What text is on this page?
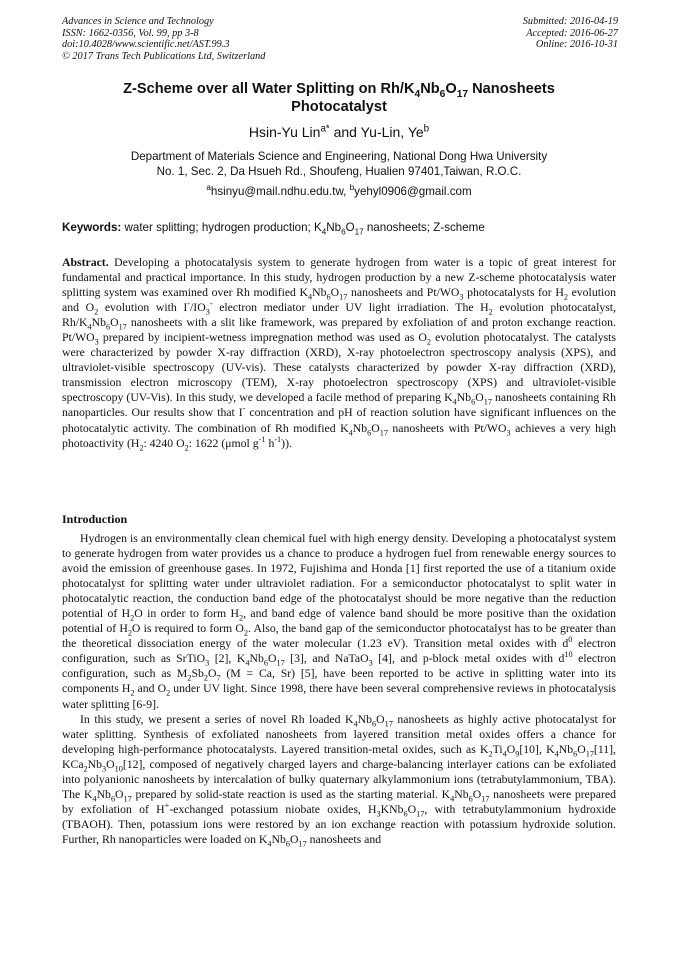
Advances in Science and Technology
ISSN: 1662-0356, Vol. 99, pp 3-8
doi:10.4028/www.scientific.net/AST.99.3
© 2017 Trans Tech Publications Ltd, Switzerland
Submitted: 2016-04-19
Accepted: 2016-06-27
Online: 2016-10-31
Z-Scheme over all Water Splitting on $Rh/K_4Nb_6O_{17}$ Nanosheets
Photocatalyst
Hsin-Yu Lin$^{a*}$ and Yu-Lin, Ye$^b$
Department of Materials Science and Engineering, National Dong Hwa University
No. 1, Sec. 2, Da Hsueh Rd., Shoufeng, Hualien 97401,Taiwan, R.O.C.
$^a$hsinyu@mail.ndhu.edu.tw, $^b$yehyl0906@gmail.com
Keywords: water splitting; hydrogen production; $K_4Nb_6O_{17}$ nanosheets; Z-scheme
Abstract. Developing a photocatalysis system to generate hydrogen from water is a topic of great interest for fundamental and practical importance. In this study, hydrogen production by a new Z-scheme photocatalysis water splitting system was examined over Rh modified $K_4Nb_6O_{17}$ nanosheets and $Pt/WO_3$ photocatalysts for $H_2$ evolution and $O_2$ evolution with $I^-/IO_3^-$ electron mediator under UV light irradiation. The $H_2$ evolution photocatalyst, $Rh/K_4Nb_6O_{17}$ nanosheets with a slit like framework, was prepared by exfoliation of and proton exchange reaction. $Pt/WO_3$ prepared by incipient-wetness impregnation method was used as $O_2$ evolution photocatalyst. The catalysts were characterized by powder X-ray diffraction (XRD), X-ray photoelectron spectroscopy analysis (XPS), and ultraviolet-visible spectroscopy (UV-vis). These catalysts characterized by powder X-ray diffraction (XRD), transmission electron microscopy (TEM), X-ray photoelectron spectroscopy (XPS) and ultraviolet-visible spectroscopy (UV-Vis). In this study, we developed a facile method of preparing $K_4Nb_6O_{17}$ nanosheets containing Rh nanoparticles. Our results show that I- concentration and pH of reaction solution have significant influences on the photocatalytic activity. The combination of Rh modified $K_4Nb_6O_{17}$ nanosheets with $Pt/WO_3$ achieves a very high photoactivity ($H_2$: 4240 $O_2$: 1622 (μmol $g^{-1}$ $h^{-1}$)).
Introduction

Hydrogen is an environmentally clean chemical fuel with high energy density. Developing a photocatalyst system to generate hydrogen from water provides us a chance to produce a hydrogen fuel from renewable energy sources to avoid the emission of greenhouse gases. In 1972, Fujishima and Honda [1] first reported the use of a titanium oxide photocatalyst for splitting water under ultraviolet radiation. For a semiconductor photocatalyst to split water in photocatalytic reaction, the conduction band edge of the photocatalyst should be more negative than the reduction potential of $H_2O$ in order to form $H_2$, and band edge of valence band should be more positive than the oxidation potential of $H_2O$ is required to form $O_2$. Also, the band gap of the semiconductor photocatalyst has to be greater than the theoretical dissociation energy of the water molecular (1.23 eV). Transition metal oxides with $d^0$ electron configuration, such as SrTiO$_3$ [2], $K_4Nb_6O_{17}$ [3], and NaTaO$_3$ [4], and p-block metal oxides with $d^{10}$ electron configuration, such as $M_2Sb_2O_7$ (M = Ca, Sr) [5], have been reported to be active in splitting water into its components $H_2$ and $O_2$ under UV light. Since 1998, there have been several comprehensive reviews in photocatalysis water splitting [6-9].

In this study, we present a series of novel Rh loaded $K_4Nb_6O_{17}$ nanosheets as highly active photocatalyst for water splitting. Synthesis of exfoliated nanosheets from layered transition metal oxides offers a chance for developing high-performance photocatalysts. Layered transition-metal oxides, such as $K_2Ti_4O_9[10]$, $K_4Nb_6O_{17}[11]$, $KCa_2Nb_3O_{10}[12]$, composed of negatively charged layers and charge-balancing interlayer cations can be exfoliated into polyanionic nanosheets by intercalation of bulky quaternary alkylammonium ions (tetrabutylammonium, TBA). The $K_4Nb_6O_{17}$ prepared by solid-state reaction is used as the starting material. $K_4Nb_6O_{17}$ nanosheets were prepared by exfoliation of H+-exchanged potassium niobate oxides, $H_3KNb_6O_{17}$, with tetrabutylammonium hydroxide (TBAOH). Then, potassium ions were restored by an ion exchange reaction with potassium hydroxide solution. Further, Rh nanoparticles were loaded on $K_4Nb_6O_{17}$ nanosheets and
